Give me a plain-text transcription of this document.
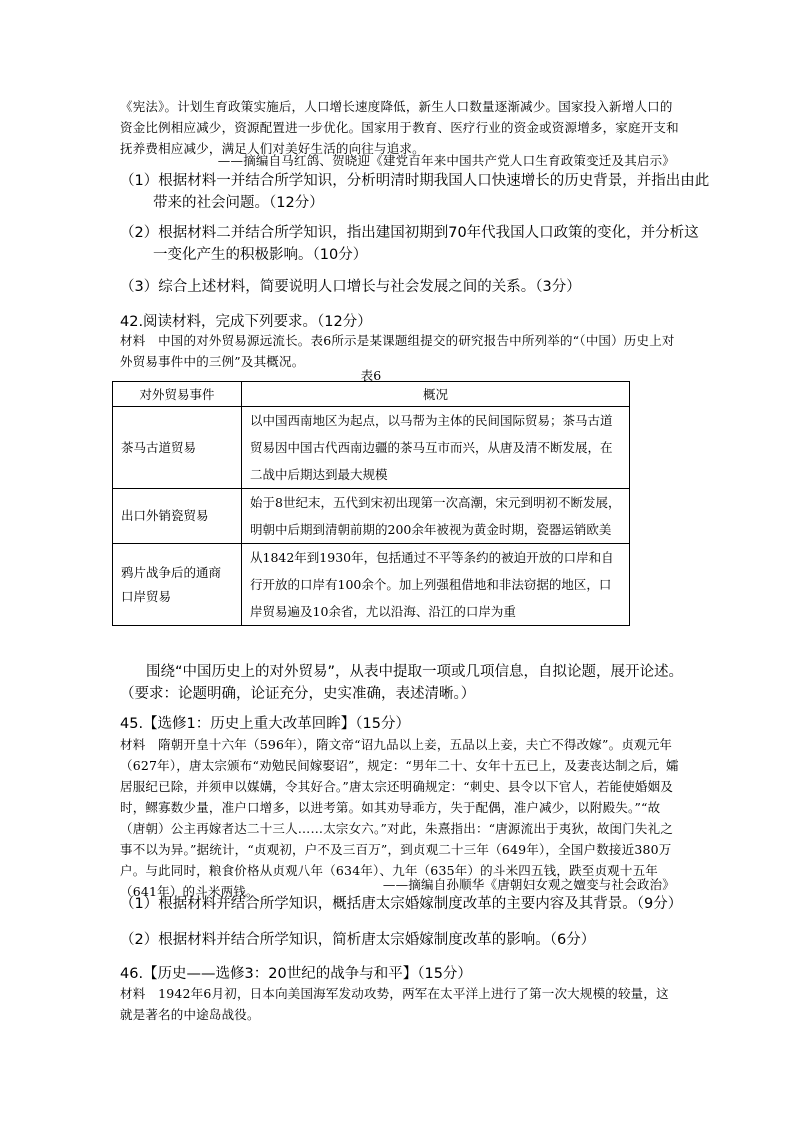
《宪法》。计划生育政策实施后，人口增长速度降低，新生人口数量逐渐减少。国家投入新增人口的资金比例相应减少，资源配置进一步优化。国家用于教育、医疗行业的资金或资源增多，家庭开支和抚养费相应减少，满足人们对美好生活的向往与追求。

——摘编自马红鸽、贺晓迎《建党百年来中国共产党人口生育政策变迁及其启示》

（1）根据材料一并结合所学知识，分析明清时期我国人口快速增长的历史背景，并指出由此带来的社会问题。（12分）

（2）根据材料二并结合所学知识，指出建国初期到70年代我国人口政策的变化，并分析这一变化产生的积极影响。（10分）

（3）综合上述材料，简要说明人口增长与社会发展之间的关系。（3分）

42.阅读材料，完成下列要求。（12分）

材料　中国的对外贸易源远流长。表6所示是某课题组提交的研究报告中所列举的“（中国）历史上对外贸易事件中的三例”及其概况。

表6

对外贸易事件	概况
茶马古道贸易	以中国西南地区为起点，以马帮为主体的民间国际贸易；茶马古道贸易因中国古代西南边疆的茶马互市而兴，从唐及清不断发展，在二战中后期达到最大规模
出口外销瓷贸易	始于8世纪末，五代到宋初出现第一次高潮，宋元到明初不断发展，明朝中后期到清朝前期的200余年被视为黄金时期，瓷器运销欧美
鸦片战争后的通商口岸贸易	从1842年到1930年，包括通过不平等条约的被迫开放的口岸和自行开放的口岸有100余个。加上列强租借地和非法窃据的地区，口岸贸易遍及10余省，尤以沿海、沿江的口岸为重

围绕“中国历史上的对外贸易”，从表中提取一项或几项信息，自拟论题，展开论述。（要求：论题明确，论证充分，史实准确，表述清晰。）

45.【选修1：历史上重大改革回眸】（15分）

材料　隋朝开皇十六年（596年），隋文帝“诏九品以上妾，五品以上妾，夫亡不得改嫁”。贞观元年（627年），唐太宗颁布“劝勉民间嫁娶诏”，规定：“男年二十、女年十五已上，及妻丧达制之后，孀居服纪已除，并须申以媒媾，令其好合。”唐太宗还明确规定：“刺史、县令以下官人，若能使婚姻及时，鳏寡数少量，准户口增多，以进考第。如其劝导乖方，失于配偶，准户减少，以附殿失。”“故（唐朝）公主再嫁者达二十三人……太宗女六。”对此，朱熹指出：“唐源流出于夷狄，故闺门失礼之事不以为异。”据统计，“贞观初，户不及三百万”，到贞观二十三年（649年），全国户数接近380万户。与此同时，粮食价格从贞观八年（634年）、九年（635年）的斗米四五钱，跌至贞观十五年（641年）的斗米两钱。	——摘编自孙顺华《唐朝妇女观之嬗变与社会政治》

（1）根据材料并结合所学知识，概括唐太宗婚嫁制度改革的主要内容及其背景。（9分）

（2）根据材料并结合所学知识，简析唐太宗婚嫁制度改革的影响。（6分）

46.【历史——选修3：20世纪的战争与和平】（15分）

材料　1942年6月初，日本向美国海军发动攻势，两军在太平洋上进行了第一次大规模的较量，这就是著名的中途岛战役。
